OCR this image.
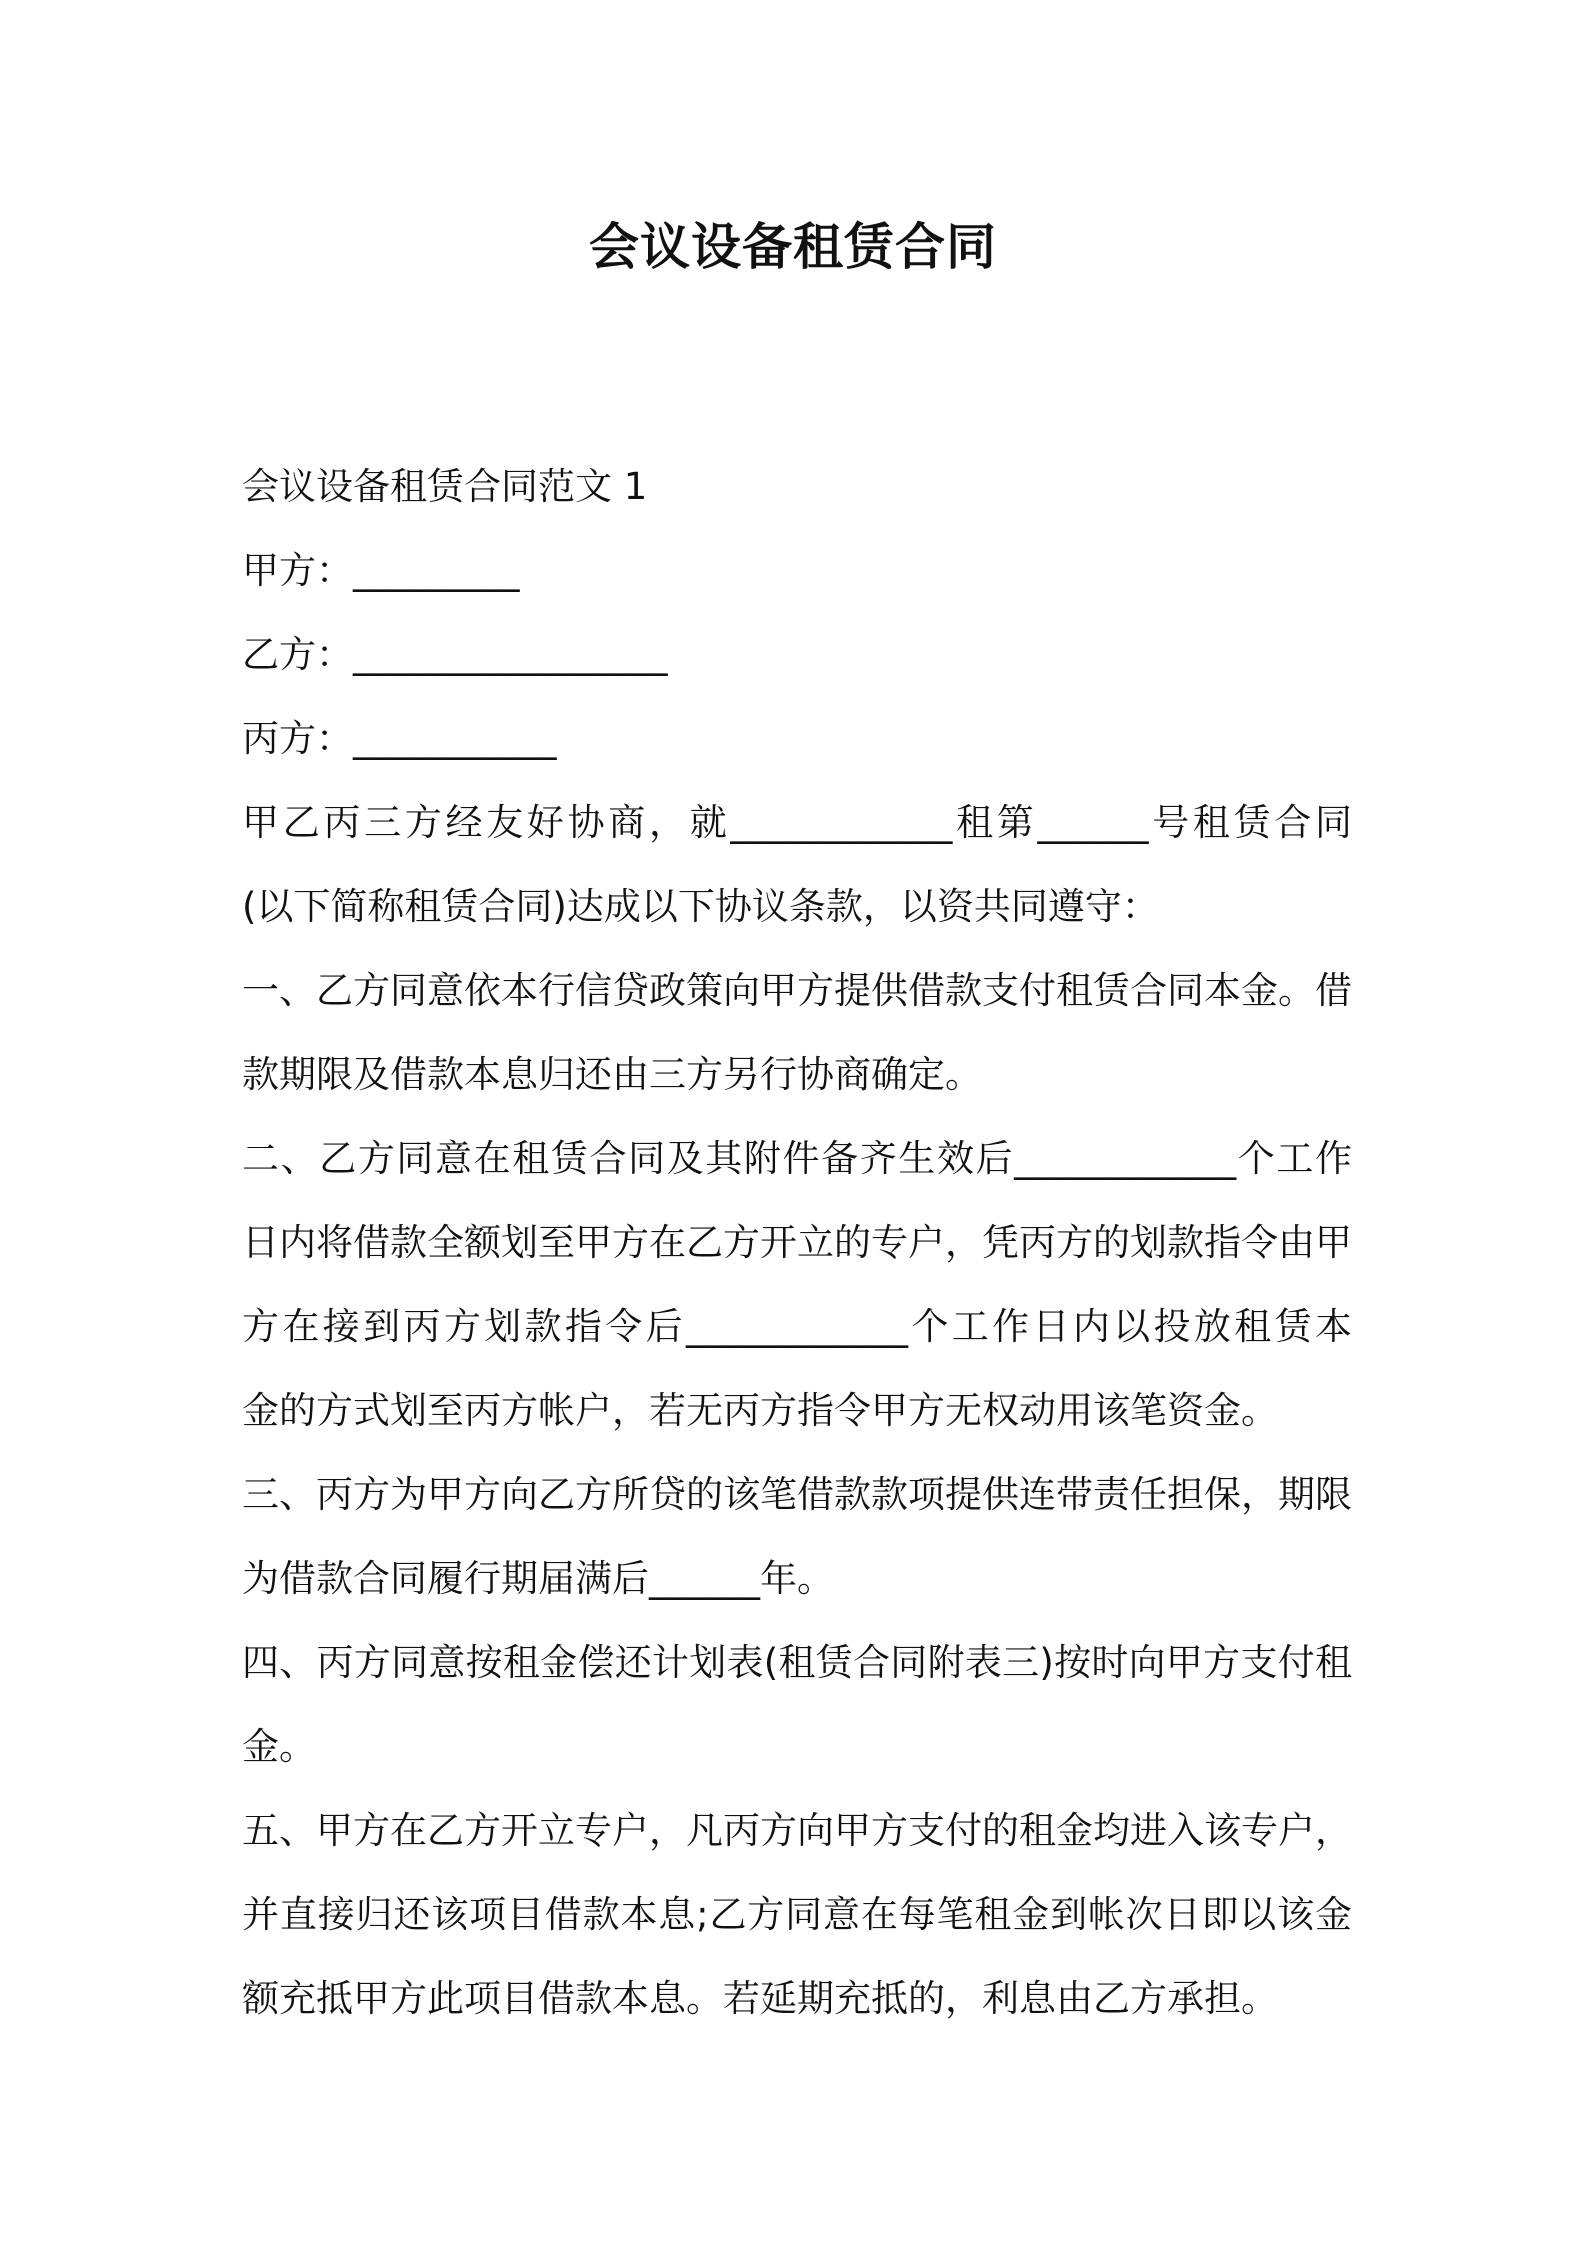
会议设备租赁合同
会议设备租赁合同范文 1
甲方：_________
乙方：_________________
丙方：___________
甲乙丙三方经友好协商，就____________租第______号租赁合同
(以下简称租赁合同)达成以下协议条款，以资共同遵守：
一、乙方同意依本行信贷政策向甲方提供借款支付租赁合同本金。借
款期限及借款本息归还由三方另行协商确定。
二、乙方同意在租赁合同及其附件备齐生效后____________个工作
日内将借款全额划至甲方在乙方开立的专户，凭丙方的划款指令由甲
方在接到丙方划款指令后____________个工作日内以投放租赁本
金的方式划至丙方帐户，若无丙方指令甲方无权动用该笔资金。
三、丙方为甲方向乙方所贷的该笔借款款项提供连带责任担保，期限
为借款合同履行期届满后______年。
四、丙方同意按租金偿还计划表(租赁合同附表三)按时向甲方支付租
金。
五、甲方在乙方开立专户，凡丙方向甲方支付的租金均进入该专户，
并直接归还该项目借款本息;乙方同意在每笔租金到帐次日即以该金
额充抵甲方此项目借款本息。若延期充抵的，利息由乙方承担。
